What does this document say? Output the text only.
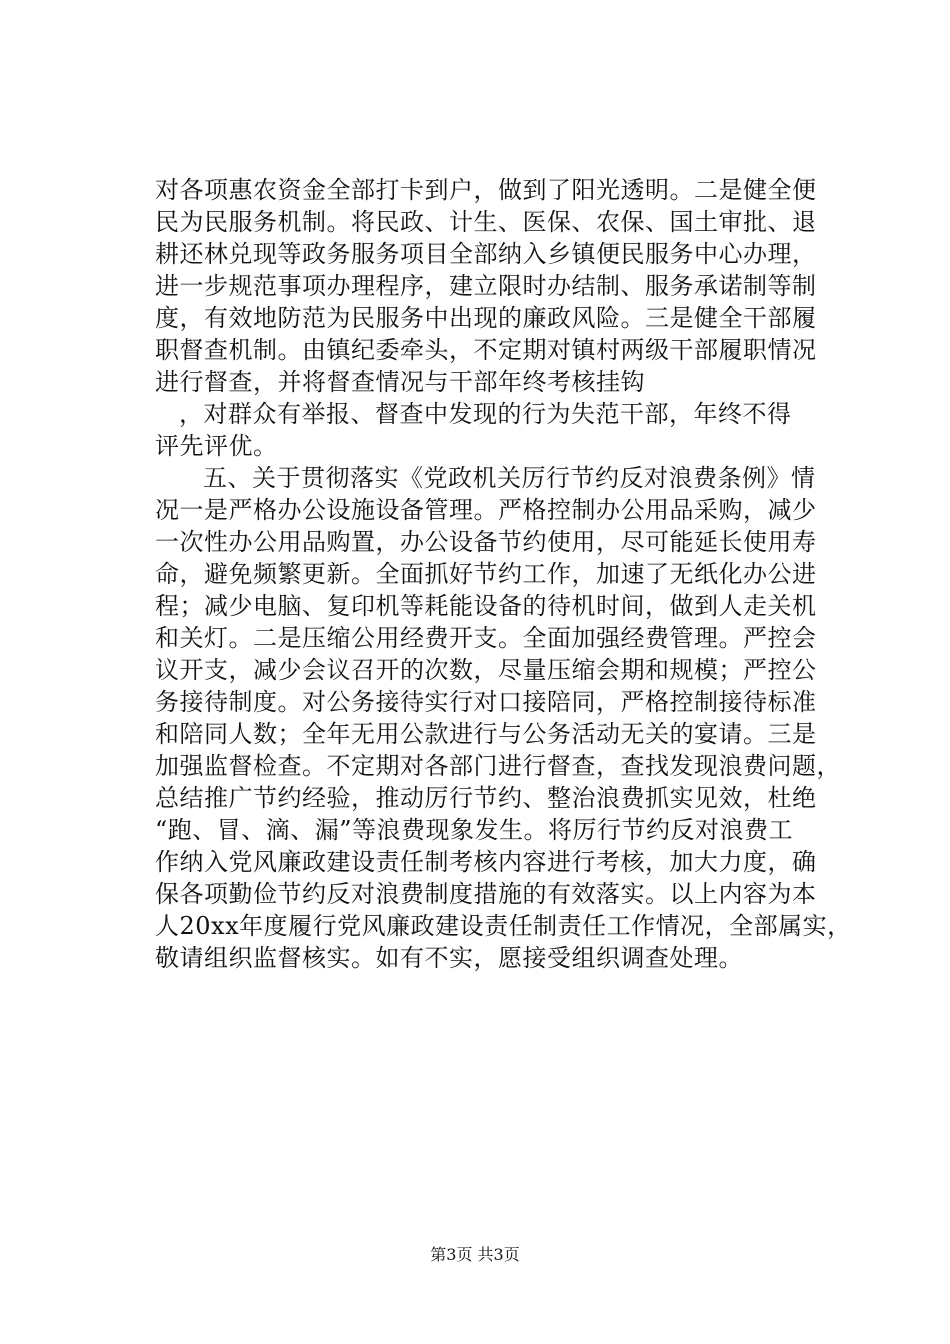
对各项惠农资金全部打卡到户，做到了阳光透明。二是健全便
民为民服务机制。将民政、计生、医保、农保、国土审批、退
耕还林兑现等政务服务项目全部纳入乡镇便民服务中心办理，
进一步规范事项办理程序，建立限时办结制、服务承诺制等制
度，有效地防范为民服务中出现的廉政风险。三是健全干部履
职督查机制。由镇纪委牵头，不定期对镇村两级干部履职情况
进行督查，并将督查情况与干部年终考核挂钩
，对群众有举报、督查中发现的行为失范干部，年终不得
评先评优。
五、关于贯彻落实《党政机关厉行节约反对浪费条例》情
况一是严格办公设施设备管理。严格控制办公用品采购，减少
一次性办公用品购置，办公设备节约使用，尽可能延长使用寿
命，避免频繁更新。全面抓好节约工作，加速了无纸化办公进
程；减少电脑、复印机等耗能设备的待机时间，做到人走关机
和关灯。二是压缩公用经费开支。全面加强经费管理。严控会
议开支，减少会议召开的次数，尽量压缩会期和规模；严控公
务接待制度。对公务接待实行对口接陪同，严格控制接待标准
和陪同人数；全年无用公款进行与公务活动无关的宴请。三是
加强监督检查。不定期对各部门进行督查，查找发现浪费问题，
总结推广节约经验，推动厉行节约、整治浪费抓实见效，杜绝
“跑、冒、滴、漏”等浪费现象发生。将厉行节约反对浪费工
作纳入党风廉政建设责任制考核内容进行考核，加大力度，确
保各项勤俭节约反对浪费制度措施的有效落实。以上内容为本
人20xx年度履行党风廉政建设责任制责任工作情况，全部属实，
敬请组织监督核实。如有不实，愿接受组织调查处理。
第3页 共3页
